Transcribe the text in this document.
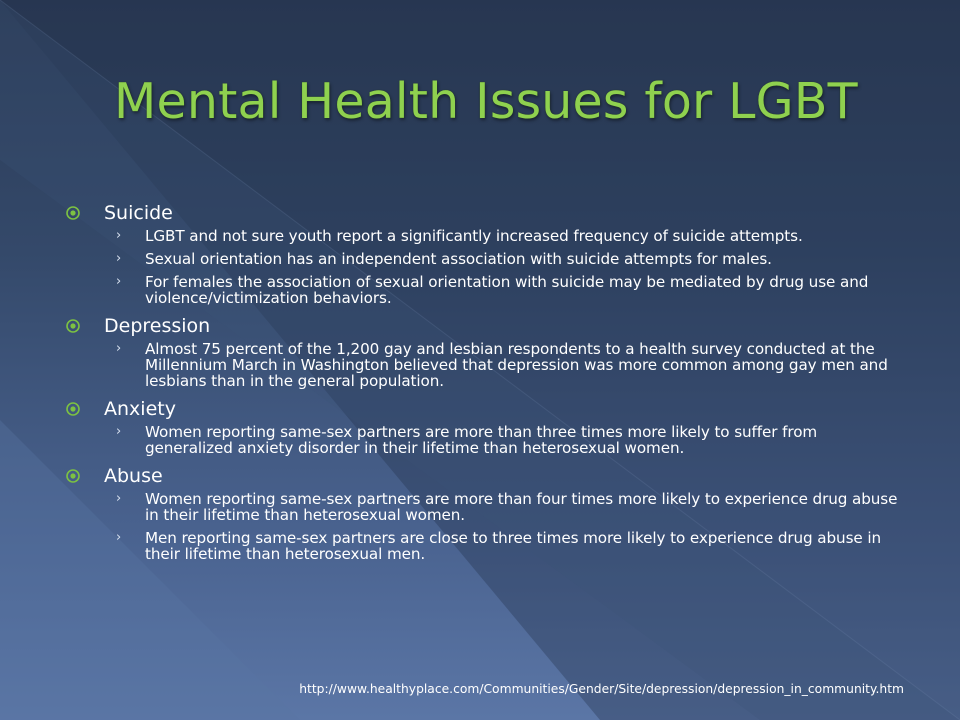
Mental Health Issues for LGBT
Suicide
› LGBT and not sure youth report a significantly increased frequency of suicide attempts.
› Sexual orientation has an independent association with suicide attempts for males.
› For females the association of sexual orientation with suicide may be mediated by drug use and violence/victimization behaviors.
Depression
› Almost 75 percent of the 1,200 gay and lesbian respondents to a health survey conducted at the Millennium March in Washington believed that depression was more common among gay men and lesbians than in the general population.
Anxiety
› Women reporting same-sex partners are more than three times more likely to suffer from generalized anxiety disorder in their lifetime than heterosexual women.
Abuse
› Women reporting same-sex partners are more than four times more likely to experience drug abuse in their lifetime than heterosexual women.
› Men reporting same-sex partners are close to three times more likely to experience drug abuse in their lifetime than heterosexual men.
http://www.healthyplace.com/Communities/Gender/Site/depression/depression_in_community.htm
